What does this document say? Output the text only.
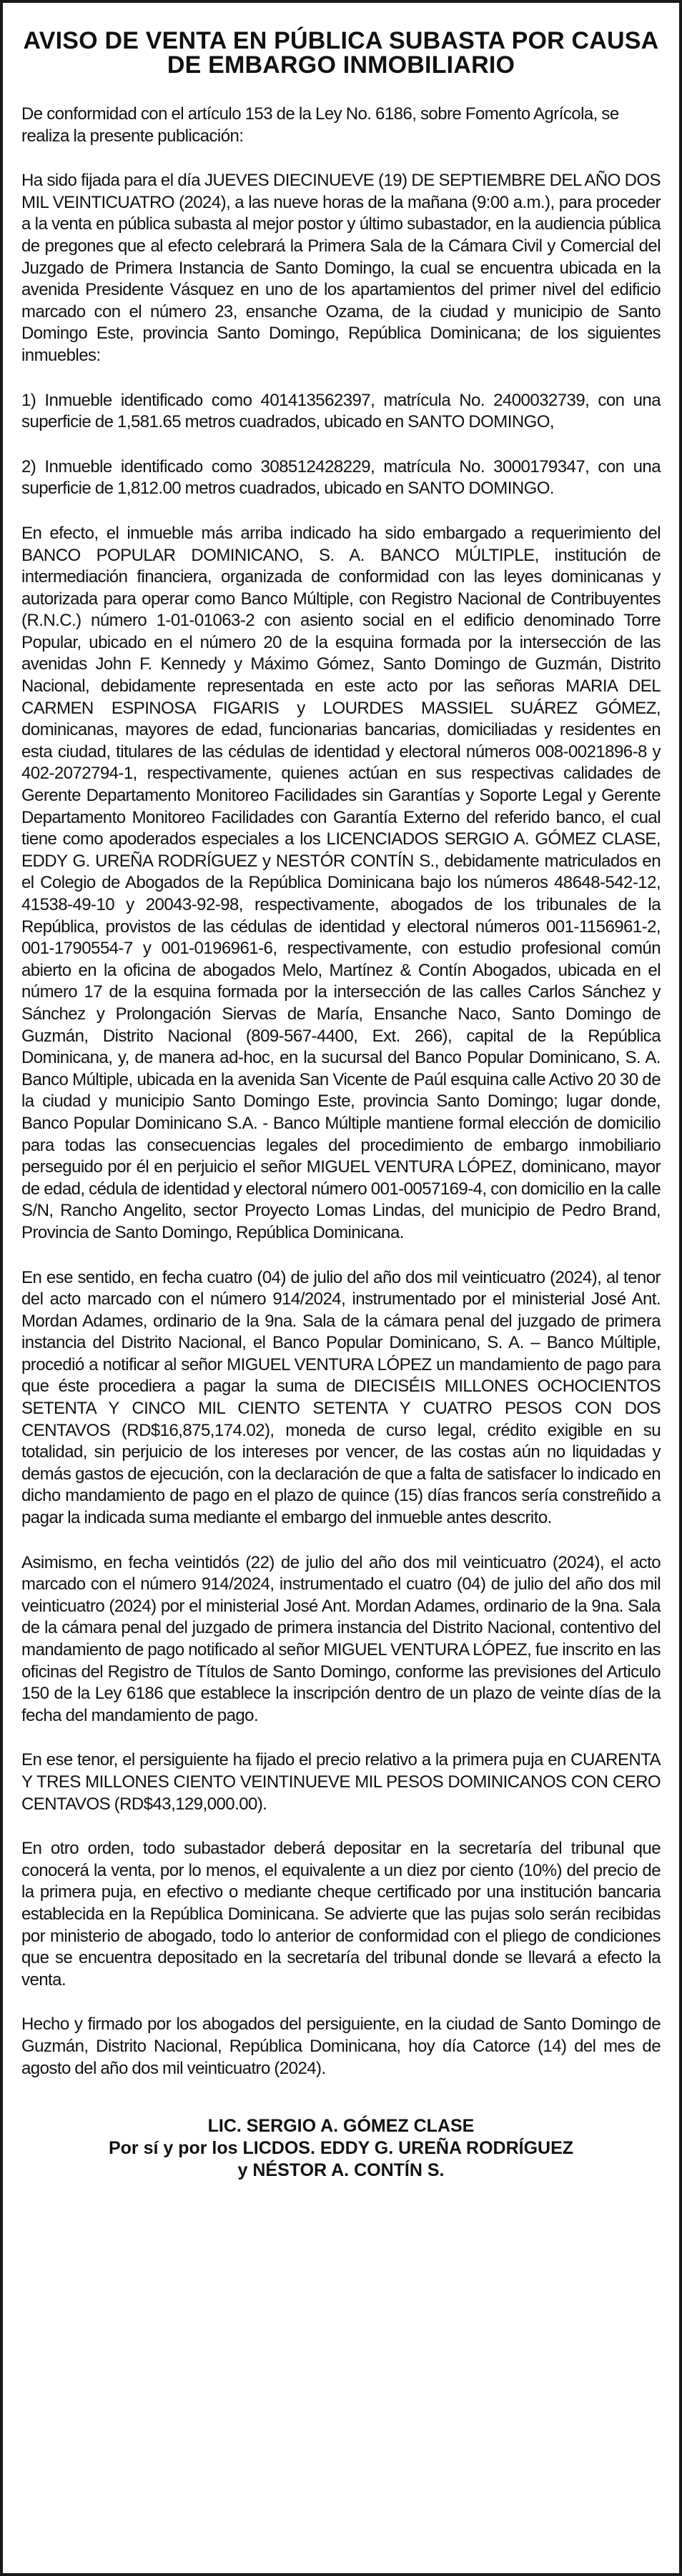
AVISO DE VENTA EN PÚBLICA SUBASTA POR CAUSA
DE EMBARGO INMOBILIARIO

De conformidad con el artículo 153 de la Ley No. 6186, sobre Fomento Agrícola, se realiza la presente publicación:

Ha sido fijada para el día JUEVES DIECINUEVE (19) DE SEPTIEMBRE DEL AÑO DOS MIL VEINTICUATRO (2024), a las nueve horas de la mañana (9:00 a.m.), para proceder a la venta en pública subasta al mejor postor y último subastador, en la audiencia pública de pregones que al efecto celebrará la Primera Sala de la Cámara Civil y Comercial del Juzgado de Primera Instancia de Santo Domingo, la cual se encuentra ubicada en la avenida Presidente Vásquez en uno de los apartamientos del primer nivel del edificio marcado con el número 23, ensanche Ozama, de la ciudad y municipio de Santo Domingo Este, provincia Santo Domingo, República Dominicana; de los siguientes inmuebles:

1) Inmueble identificado como 401413562397, matrícula No. 2400032739, con una superficie de 1,581.65 metros cuadrados, ubicado en SANTO DOMINGO,

2) Inmueble identificado como 308512428229, matrícula No. 3000179347, con una superficie de 1,812.00 metros cuadrados, ubicado en SANTO DOMINGO.

En efecto, el inmueble más arriba indicado ha sido embargado a requerimiento del BANCO POPULAR DOMINICANO, S. A. BANCO MÚLTIPLE, institución de intermediación financiera, organizada de conformidad con las leyes dominicanas y autorizada para operar como Banco Múltiple, con Registro Nacional de Contribuyentes (R.N.C.) número 1-01-01063-2 con asiento social en el edificio denominado Torre Popular, ubicado en el número 20 de la esquina formada por la intersección de las avenidas John F. Kennedy y Máximo Gómez, Santo Domingo de Guzmán, Distrito Nacional, debidamente representada en este acto por las señoras MARIA DEL CARMEN ESPINOSA FIGARIS y LOURDES MASSIEL SUÁREZ GÓMEZ, dominicanas, mayores de edad, funcionarias bancarias, domiciliadas y residentes en esta ciudad, titulares de las cédulas de identidad y electoral números 008-0021896-8 y 402-2072794-1, respectivamente, quienes actúan en sus respectivas calidades de Gerente Departamento Monitoreo Facilidades sin Garantías y Soporte Legal y Gerente Departamento Monitoreo Facilidades con Garantía Externo del referido banco, el cual tiene como apoderados especiales a los LICENCIADOS SERGIO A. GÓMEZ CLASE, EDDY G. UREÑA RODRÍGUEZ y NESTÓR CONTÍN S., debidamente matriculados en el Colegio de Abogados de la República Dominicana bajo los números 48648-542-12, 41538-49-10 y 20043-92-98, respectivamente, abogados de los tribunales de la República, provistos de las cédulas de identidad y electoral números 001-1156961-2, 001-1790554-7 y 001-0196961-6, respectivamente, con estudio profesional común abierto en la oficina de abogados Melo, Martínez & Contín Abogados, ubicada en el número 17 de la esquina formada por la intersección de las calles Carlos Sánchez y Sánchez y Prolongación Siervas de María, Ensanche Naco, Santo Domingo de Guzmán, Distrito Nacional (809-567-4400, Ext. 266), capital de la República Dominicana, y, de manera ad-hoc, en la sucursal del Banco Popular Dominicano, S. A. Banco Múltiple, ubicada en la avenida San Vicente de Paúl esquina calle Activo 20 30 de la ciudad y municipio Santo Domingo Este, provincia Santo Domingo; lugar donde, Banco Popular Dominicano S.A. - Banco Múltiple mantiene formal elección de domicilio para todas las consecuencias legales del procedimiento de embargo inmobiliario perseguido por él en perjuicio el señor MIGUEL VENTURA LÓPEZ, dominicano, mayor de edad, cédula de identidad y electoral número 001-0057169-4, con domicilio en la calle S/N, Rancho Angelito, sector Proyecto Lomas Lindas, del municipio de Pedro Brand, Provincia de Santo Domingo, República Dominicana.

En ese sentido, en fecha cuatro (04) de julio del año dos mil veinticuatro (2024), al tenor del acto marcado con el número 914/2024, instrumentado por el ministerial José Ant. Mordan Adames, ordinario de la 9na. Sala de la cámara penal del juzgado de primera instancia del Distrito Nacional, el Banco Popular Dominicano, S. A. – Banco Múltiple, procedió a notificar al señor MIGUEL VENTURA LÓPEZ un mandamiento de pago para que éste procediera a pagar la suma de DIECISÉIS MILLONES OCHOCIENTOS SETENTA Y CINCO MIL CIENTO SETENTA Y CUATRO PESOS CON DOS CENTAVOS (RD$16,875,174.02), moneda de curso legal, crédito exigible en su totalidad, sin perjuicio de los intereses por vencer, de las costas aún no liquidadas y demás gastos de ejecución, con la declaración de que a falta de satisfacer lo indicado en dicho mandamiento de pago en el plazo de quince (15) días francos sería constreñido a pagar la indicada suma mediante el embargo del inmueble antes descrito.

Asimismo, en fecha veintidós (22) de julio del año dos mil veinticuatro (2024), el acto marcado con el número 914/2024, instrumentado el cuatro (04) de julio del año dos mil veinticuatro (2024) por el ministerial José Ant. Mordan Adames, ordinario de la 9na. Sala de la cámara penal del juzgado de primera instancia del Distrito Nacional, contentivo del mandamiento de pago notificado al señor MIGUEL VENTURA LÓPEZ, fue inscrito en las oficinas del Registro de Títulos de Santo Domingo, conforme las previsiones del Articulo 150 de la Ley 6186 que establece la inscripción dentro de un plazo de veinte días de la fecha del mandamiento de pago.

En ese tenor, el persiguiente ha fijado el precio relativo a la primera puja en CUARENTA Y TRES MILLONES CIENTO VEINTINUEVE MIL PESOS DOMINICANOS CON CERO CENTAVOS (RD$43,129,000.00).

En otro orden, todo subastador deberá depositar en la secretaría del tribunal que conocerá la venta, por lo menos, el equivalente a un diez por ciento (10%) del precio de la primera puja, en efectivo o mediante cheque certificado por una institución bancaria establecida en la República Dominicana. Se advierte que las pujas solo serán recibidas por ministerio de abogado, todo lo anterior de conformidad con el pliego de condiciones que se encuentra depositado en la secretaría del tribunal donde se llevará a efecto la venta.

Hecho y firmado por los abogados del persiguiente, en la ciudad de Santo Domingo de Guzmán, Distrito Nacional, República Dominicana, hoy día Catorce (14) del mes de agosto del año dos mil veinticuatro (2024).

LIC. SERGIO A. GÓMEZ CLASE
Por sí y por los LICDOS. EDDY G. UREÑA RODRÍGUEZ
y NÉSTOR A. CONTÍN S.
